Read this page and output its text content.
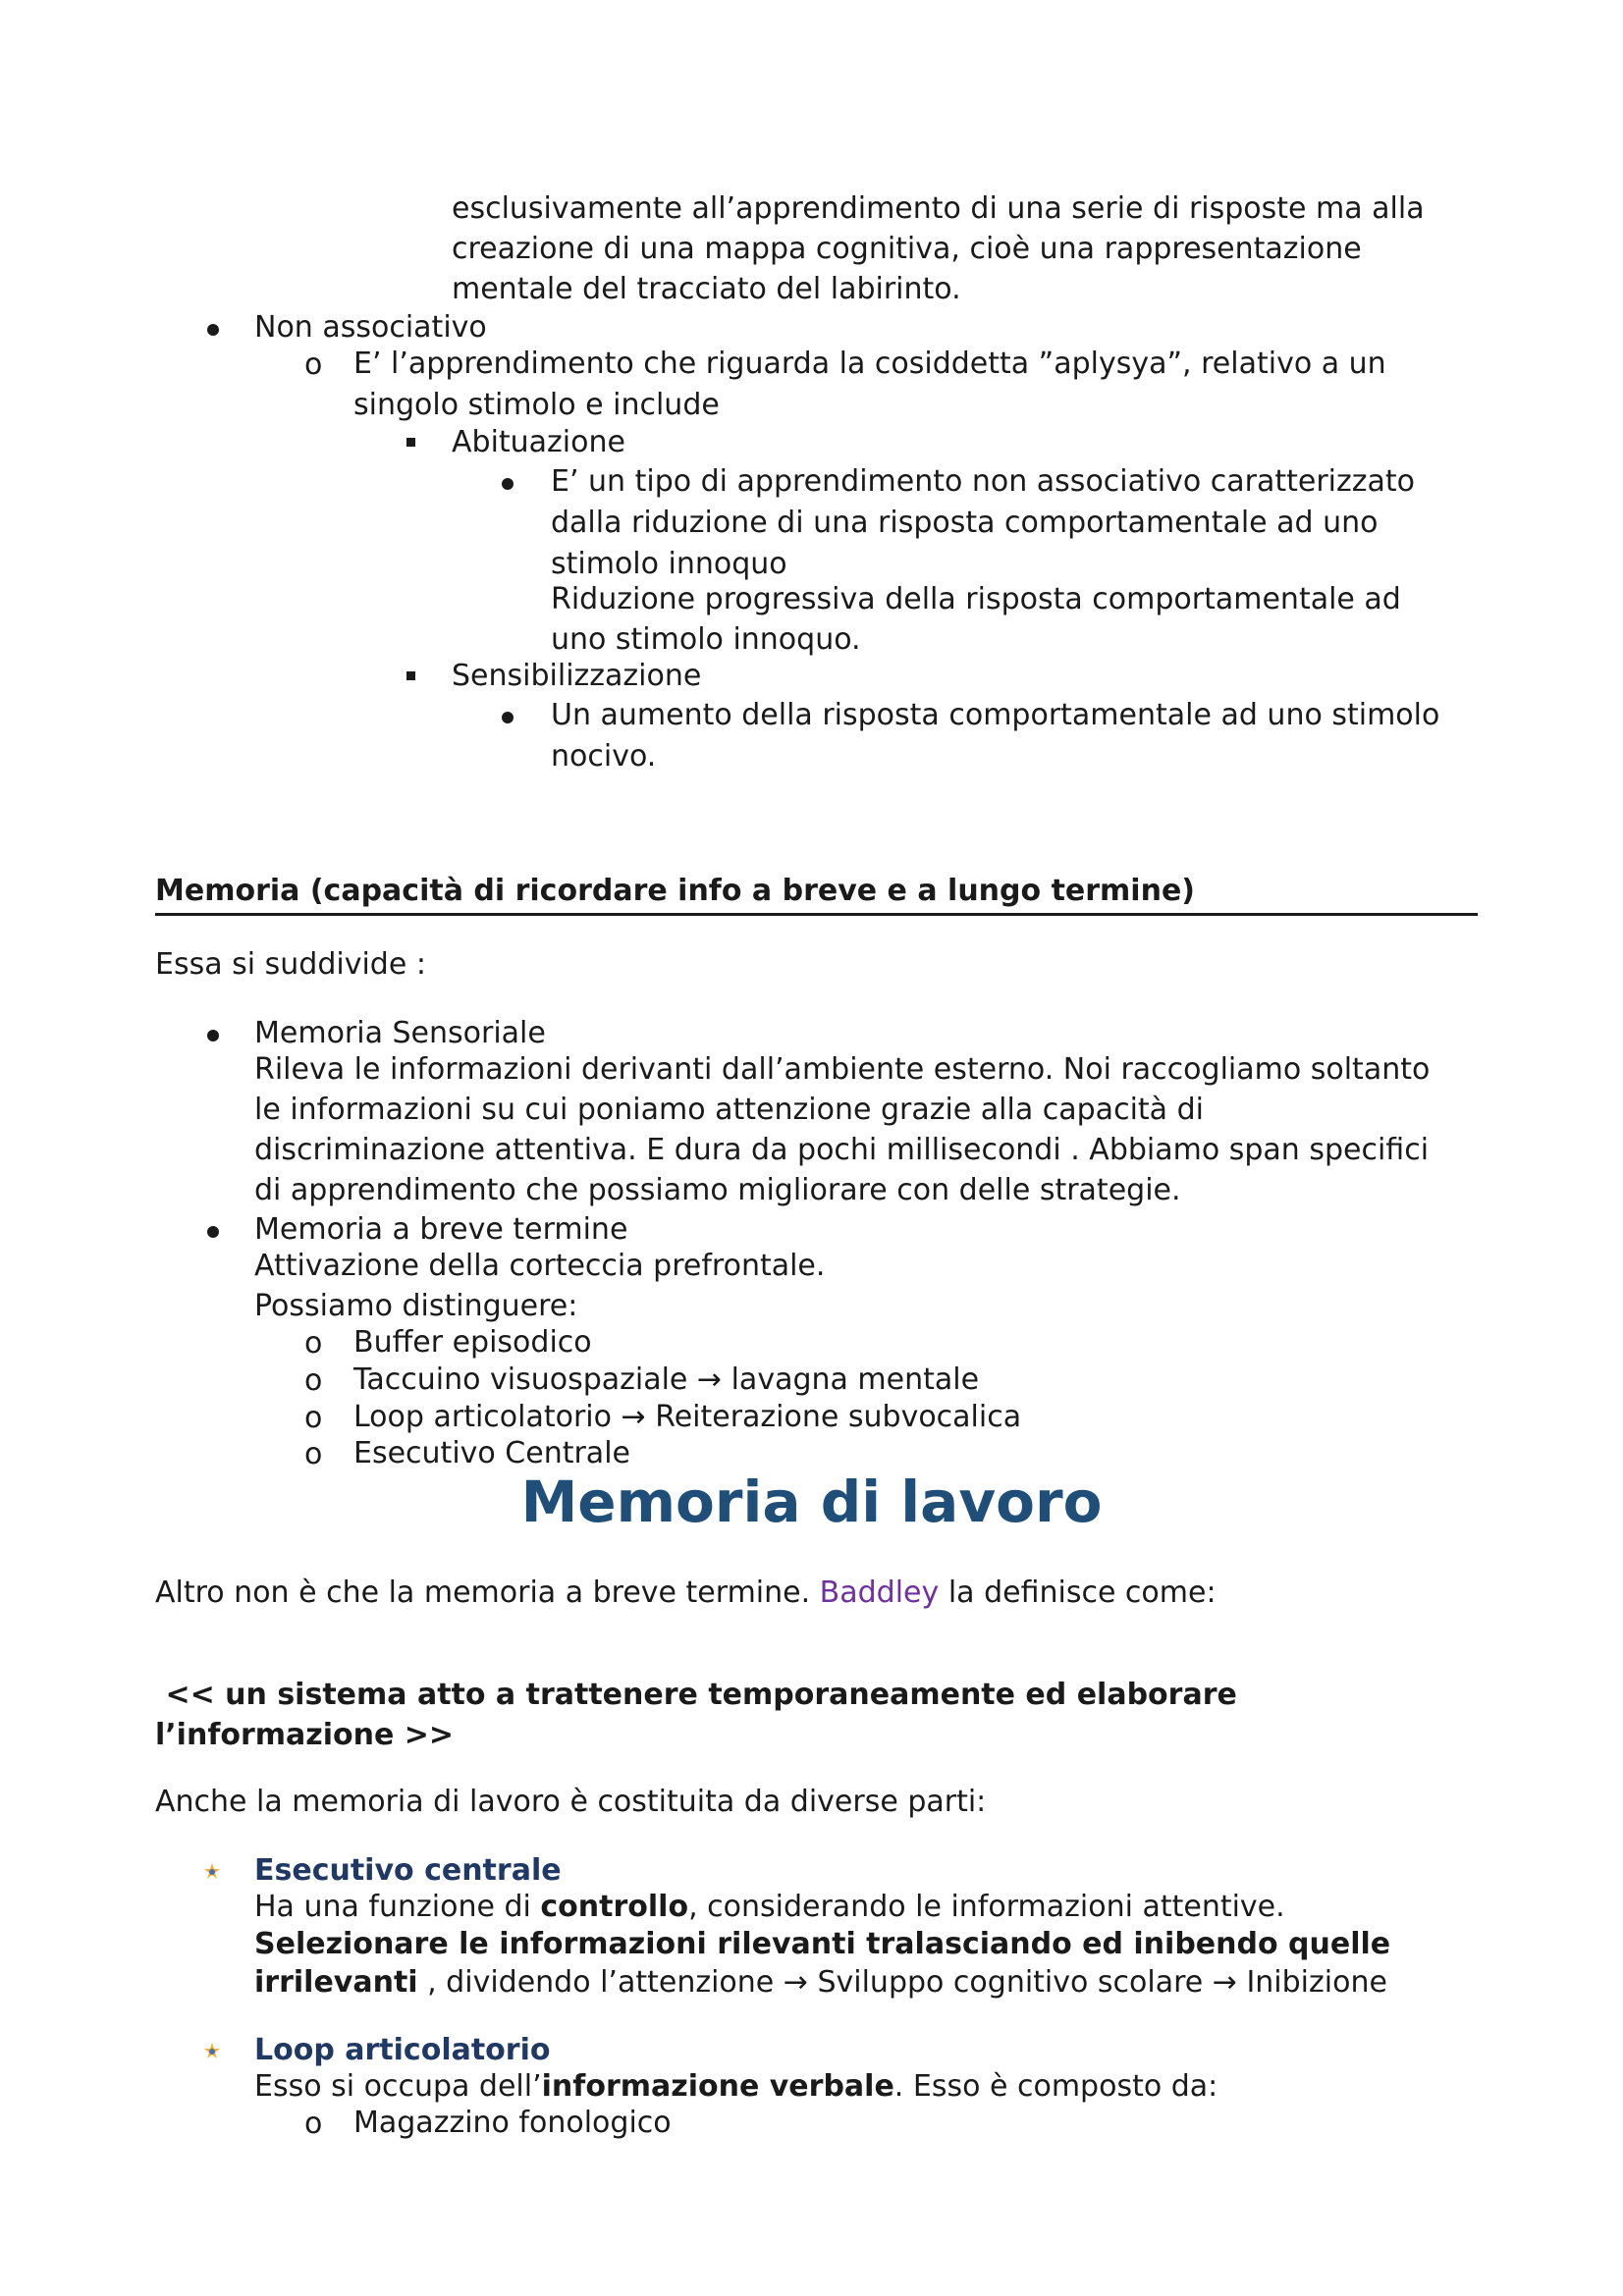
esclusivamente all’apprendimento di una serie di risposte ma alla
creazione di una mappa cognitiva, cioè una rappresentazione
mentale del tracciato del labirinto.
Non associativo
o E’ l’apprendimento che riguarda la cosiddetta ”aplysya”, relativo a un
singolo stimolo e include
Abituazione
E’ un tipo di apprendimento non associativo caratterizzato
dalla riduzione di una risposta comportamentale ad uno
stimolo innoquo
Riduzione progressiva della risposta comportamentale ad
uno stimolo innoquo.
Sensibilizzazione
Un aumento della risposta comportamentale ad uno stimolo
nocivo.
Memoria (capacità di ricordare info a breve e a lungo termine)
Essa si suddivide :
Memoria Sensoriale
Rileva le informazioni derivanti dall’ambiente esterno. Noi raccogliamo soltanto
le informazioni su cui poniamo attenzione grazie alla capacità di
discriminazione attentiva. E dura da pochi millisecondi . Abbiamo span specifici
di apprendimento che possiamo migliorare con delle strategie.
Memoria a breve termine
Attivazione della corteccia prefrontale.
Possiamo distinguere:
o Buffer episodico
o Taccuino visuospaziale → lavagna mentale
o Loop articolatorio → Reiterazione subvocalica
o Esecutivo Centrale
Memoria di lavoro
Altro non è che la memoria a breve termine. Baddley la definisce come:
<< un sistema atto a trattenere temporaneamente ed elaborare
l’informazione >>
Anche la memoria di lavoro è costituita da diverse parti:
Esecutivo centrale
Ha una funzione di controllo, considerando le informazioni attentive.
Selezionare le informazioni rilevanti tralasciando ed inibendo quelle
irrilevanti , dividendo l’attenzione → Sviluppo cognitivo scolare → Inibizione
Loop articolatorio
Esso si occupa dell’informazione verbale. Esso è composto da:
o Magazzino fonologico
